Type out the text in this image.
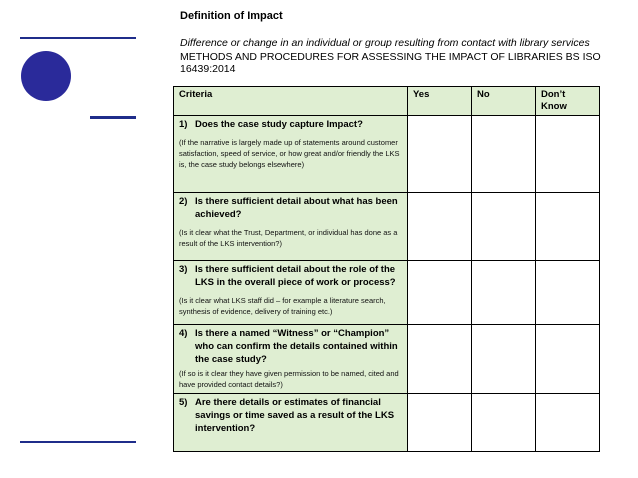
Definition of Impact
Difference or change in an individual or group resulting from contact with library services
METHODS AND PROCEDURES FOR ASSESSING THE IMPACT OF LIBRARIES BS ISO 16439:2014
Criteria	Yes	No	Don’t Know

1) Does the case study capture Impact?
(If the narrative is largely made up of statements around customer satisfaction, speed of service, or how great and/or friendly the LKS is, the case study belongs elsewhere)			

2) Is there sufficient detail about what has been achieved?
(Is it clear what the Trust, Department, or individual has done as a result of the LKS intervention?)			

3) Is there sufficient detail about the role of the LKS in the overall piece of work or process?
(Is it clear what LKS staff did – for example a literature search, synthesis of evidence, delivery of training etc.)			

4) Is there a named “Witness” or “Champion” who can confirm the details contained within the case study?
(If so is it clear they have given permission to be named, cited and have provided contact details?)			

5) Are there details or estimates of financial savings or time saved as a result of the LKS intervention?			
